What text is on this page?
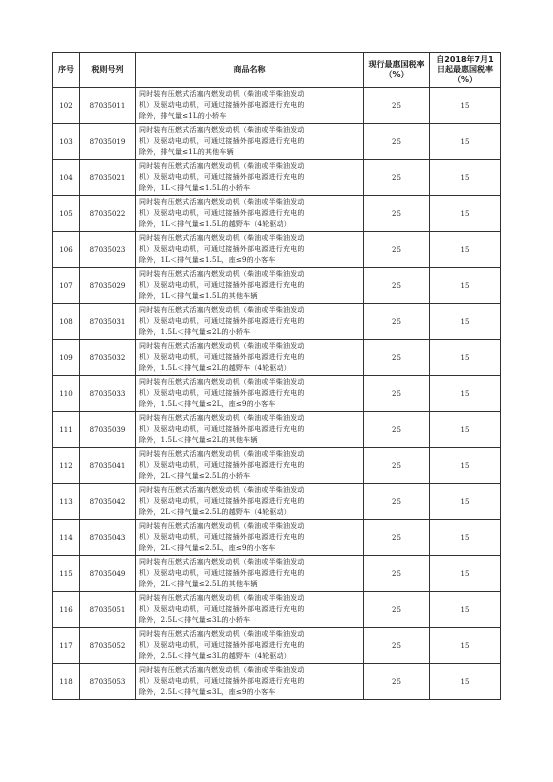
序号	税则号列	商品名称	现行最惠国税率（%）	自2018年7月1日起最惠国税率（%）
102	87035011	同时装有压燃式活塞内燃发动机（柴油或半柴油发动
机）及驱动电动机，可通过接插外部电源进行充电的
除外，排气量≤1L的小轿车	25	15
103	87035019	同时装有压燃式活塞内燃发动机（柴油或半柴油发动
机）及驱动电动机，可通过接插外部电源进行充电的
除外，排气量≤1L的其他车辆	25	15
104	87035021	同时装有压燃式活塞内燃发动机（柴油或半柴油发动
机）及驱动电动机，可通过接插外部电源进行充电的
除外，1L＜排气量≤1.5L的小轿车	25	15
105	87035022	同时装有压燃式活塞内燃发动机（柴油或半柴油发动
机）及驱动电动机，可通过接插外部电源进行充电的
除外，1L＜排气量≤1.5L的越野车（4轮驱动）	25	15
106	87035023	同时装有压燃式活塞内燃发动机（柴油或半柴油发动
机）及驱动电动机，可通过接插外部电源进行充电的
除外，1L＜排气量≤1.5L，座≤9的小客车	25	15
107	87035029	同时装有压燃式活塞内燃发动机（柴油或半柴油发动
机）及驱动电动机，可通过接插外部电源进行充电的
除外，1L＜排气量≤1.5L的其他车辆	25	15
108	87035031	同时装有压燃式活塞内燃发动机（柴油或半柴油发动
机）及驱动电动机，可通过接插外部电源进行充电的
除外，1.5L＜排气量≤2L的小轿车	25	15
109	87035032	同时装有压燃式活塞内燃发动机（柴油或半柴油发动
机）及驱动电动机，可通过接插外部电源进行充电的
除外，1.5L＜排气量≤2L的越野车（4轮驱动）	25	15
110	87035033	同时装有压燃式活塞内燃发动机（柴油或半柴油发动
机）及驱动电动机，可通过接插外部电源进行充电的
除外，1.5L＜排气量≤2L，座≤9的小客车	25	15
111	87035039	同时装有压燃式活塞内燃发动机（柴油或半柴油发动
机）及驱动电动机，可通过接插外部电源进行充电的
除外，1.5L＜排气量≤2L的其他车辆	25	15
112	87035041	同时装有压燃式活塞内燃发动机（柴油或半柴油发动
机）及驱动电动机，可通过接插外部电源进行充电的
除外，2L＜排气量≤2.5L的小轿车	25	15
113	87035042	同时装有压燃式活塞内燃发动机（柴油或半柴油发动
机）及驱动电动机，可通过接插外部电源进行充电的
除外，2L＜排气量≤2.5L的越野车（4轮驱动）	25	15
114	87035043	同时装有压燃式活塞内燃发动机（柴油或半柴油发动
机）及驱动电动机，可通过接插外部电源进行充电的
除外，2L＜排气量≤2.5L，座≤9的小客车	25	15
115	87035049	同时装有压燃式活塞内燃发动机（柴油或半柴油发动
机）及驱动电动机，可通过接插外部电源进行充电的
除外，2L＜排气量≤2.5L的其他车辆	25	15
116	87035051	同时装有压燃式活塞内燃发动机（柴油或半柴油发动
机）及驱动电动机，可通过接插外部电源进行充电的
除外，2.5L＜排气量≤3L的小轿车	25	15
117	87035052	同时装有压燃式活塞内燃发动机（柴油或半柴油发动
机）及驱动电动机，可通过接插外部电源进行充电的
除外，2.5L＜排气量≤3L的越野车（4轮驱动）	25	15
118	87035053	同时装有压燃式活塞内燃发动机（柴油或半柴油发动
机）及驱动电动机，可通过接插外部电源进行充电的
除外，2.5L＜排气量≤3L，座≤9的小客车	25	15
